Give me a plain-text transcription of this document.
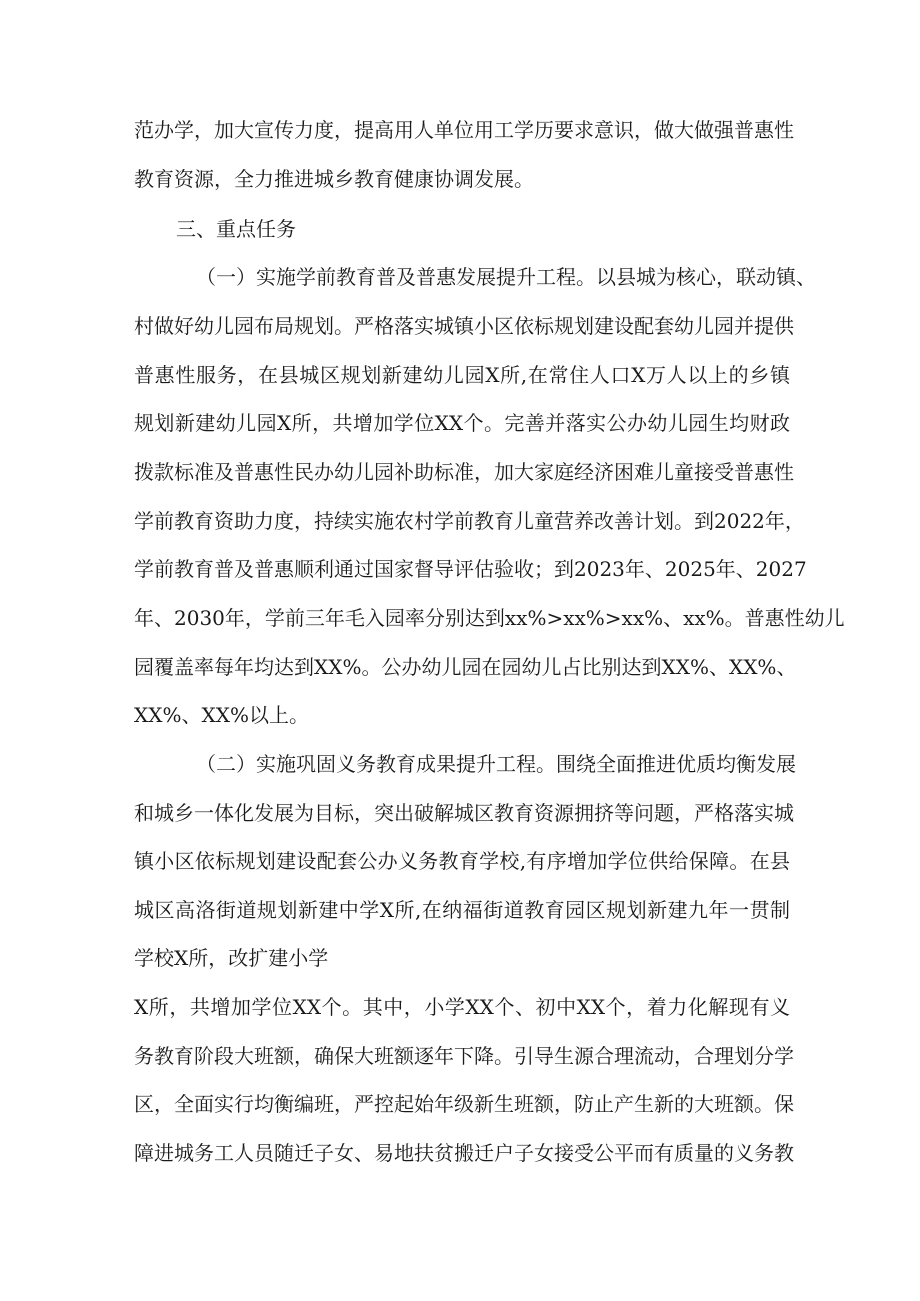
范办学，加大宣传力度，提高用人单位用工学历要求意识，做大做强普惠性

教育资源，全力推进城乡教育健康协调发展。

三、重点任务

（一）实施学前教育普及普惠发展提升工程。以县城为核心，联动镇、

村做好幼儿园布局规划。严格落实城镇小区依标规划建设配套幼儿园并提供

普惠性服务，在县城区规划新建幼儿园X所,在常住人口X万人以上的乡镇

规划新建幼儿园X所，共增加学位XX个。完善并落实公办幼儿园生均财政

拨款标准及普惠性民办幼儿园补助标准，加大家庭经济困难儿童接受普惠性

学前教育资助力度，持续实施农村学前教育儿童营养改善计划。到2022年，

学前教育普及普惠顺利通过国家督导评估验收；到2023年、2025年、2027

年、2030年，学前三年毛入园率分别达到xx%>xx%>xx%、xx%。普惠性幼儿

园覆盖率每年均达到XX%。公办幼儿园在园幼儿占比别达到XX%、XX%、

XX%、XX%以上。

（二）实施巩固义务教育成果提升工程。围绕全面推进优质均衡发展

和城乡一体化发展为目标，突出破解城区教育资源拥挤等问题，严格落实城

镇小区依标规划建设配套公办义务教育学校,有序增加学位供给保障。在县

城区高洛街道规划新建中学X所,在纳福街道教育园区规划新建九年一贯制

学校X所，改扩建小学

X所，共增加学位XX个。其中，小学XX个、初中XX个，着力化解现有义

务教育阶段大班额，确保大班额逐年下降。引导生源合理流动，合理划分学

区，全面实行均衡编班，严控起始年级新生班额，防止产生新的大班额。保

障进城务工人员随迁子女、易地扶贫搬迁户子女接受公平而有质量的义务教
